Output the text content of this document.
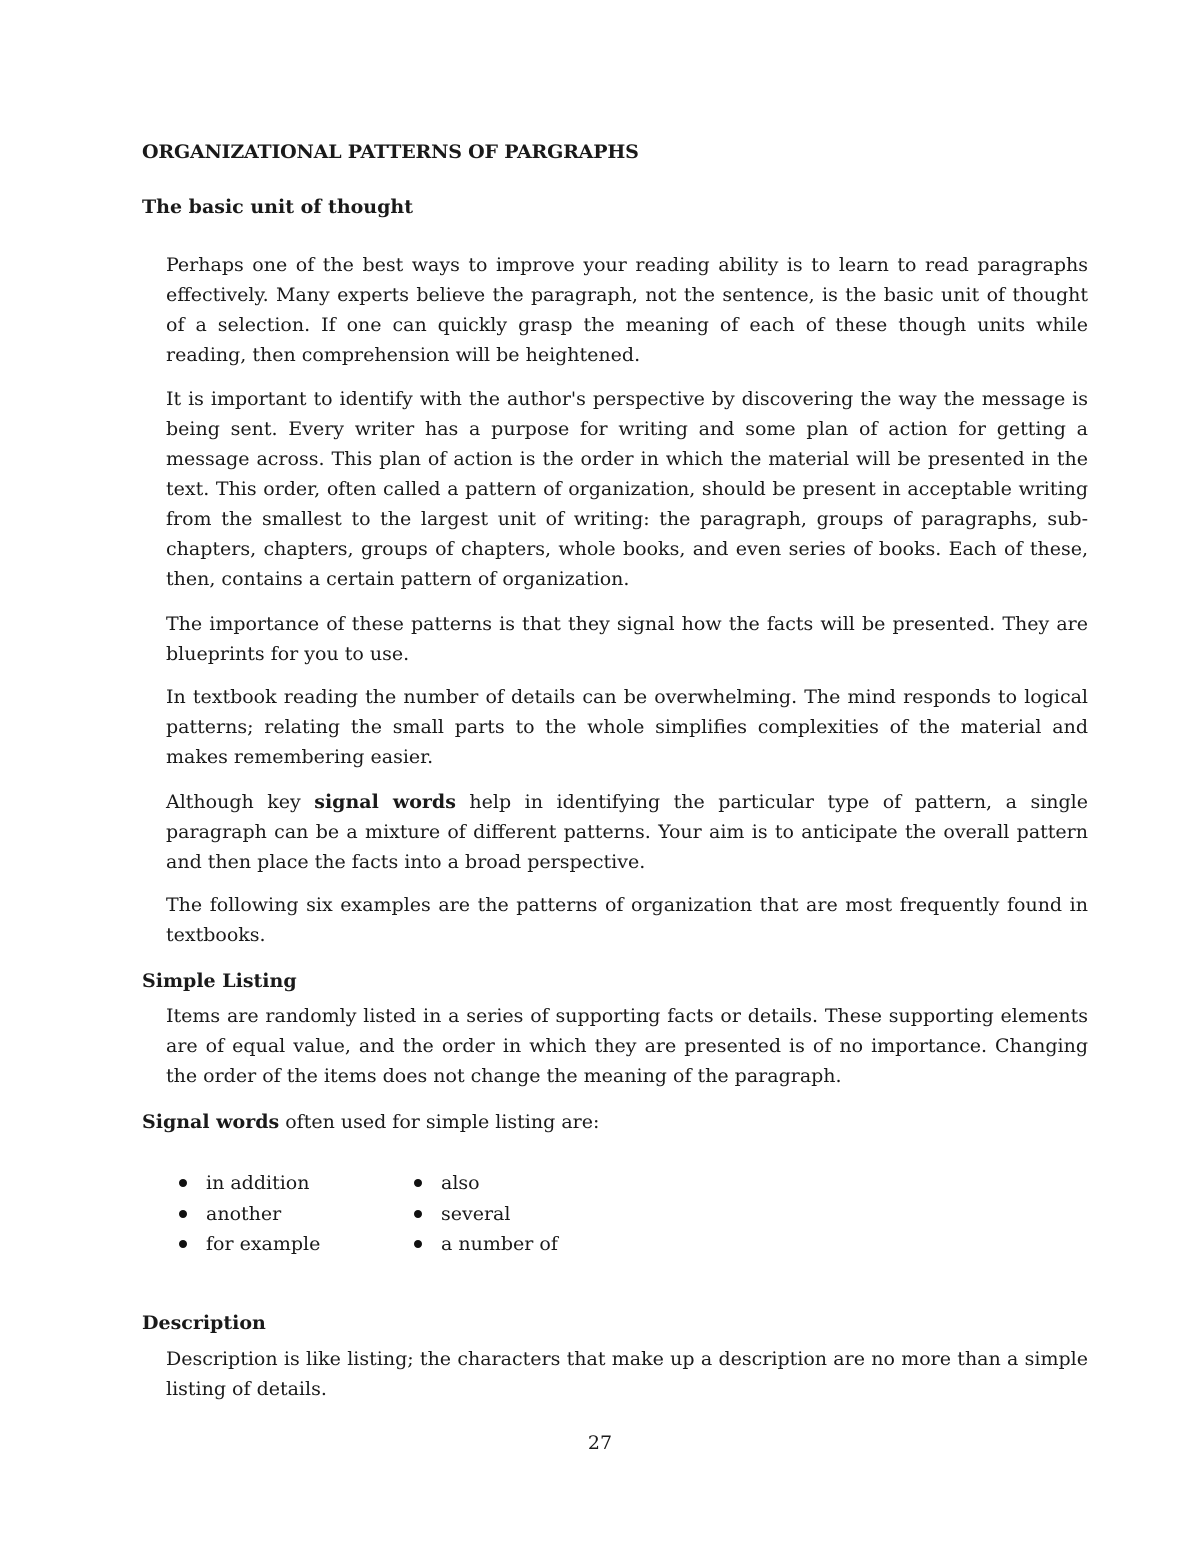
ORGANIZATIONAL PATTERNS OF PARGRAPHS
The basic unit of thought

Perhaps one of the best ways to improve your reading ability is to learn to read paragraphs effectively. Many experts believe the paragraph, not the sentence, is the basic unit of thought of a selection. If one can quickly grasp the meaning of each of these though units while reading, then comprehension will be heightened.

It is important to identify with the author's perspective by discovering the way the message is being sent. Every writer has a purpose for writing and some plan of action for getting a message across. This plan of action is the order in which the material will be presented in the text. This order, often called a pattern of organization, should be present in acceptable writing from the smallest to the largest unit of writing: the paragraph, groups of paragraphs, sub-chapters, chapters, groups of chapters, whole books, and even series of books. Each of these, then, contains a certain pattern of organization.

The importance of these patterns is that they signal how the facts will be presented. They are blueprints for you to use.

In textbook reading the number of details can be overwhelming. The mind responds to logical patterns; relating the small parts to the whole simplifies complexities of the material and makes remembering easier.

Although key signal words help in identifying the particular type of pattern, a single paragraph can be a mixture of different patterns. Your aim is to anticipate the overall pattern and then place the facts into a broad perspective.

The following six examples are the patterns of organization that are most frequently found in textbooks.

Simple Listing

Items are randomly listed in a series of supporting facts or details. These supporting elements are of equal value, and the order in which they are presented is of no importance. Changing the order of the items does not change the meaning of the paragraph.

Signal words often used for simple listing are:
in addition
another
for example
also
several
a number of
Description

Description is like listing; the characters that make up a description are no more than a simple listing of details.

27
